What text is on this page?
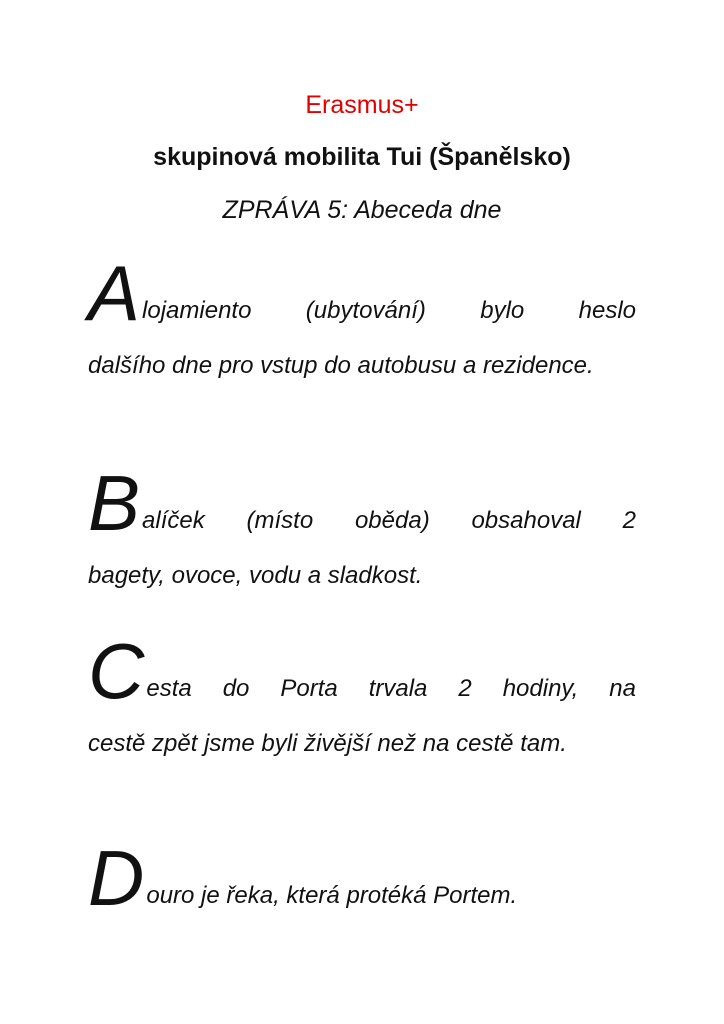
Erasmus+
skupinová mobilita Tui (Španělsko)
ZPRÁVA 5: Abeceda dne
A lojamiento (ubytování) bylo heslo
dalšího dne pro vstup do autobusu a rezidence.
B alíček (místo oběda) obsahoval 2
bagety, ovoce, vodu a sladkost.
C esta do Porta trvala 2 hodiny, na
cestě zpět jsme byli živější než na cestě tam.
D ouro je řeka, která protéká Portem.
